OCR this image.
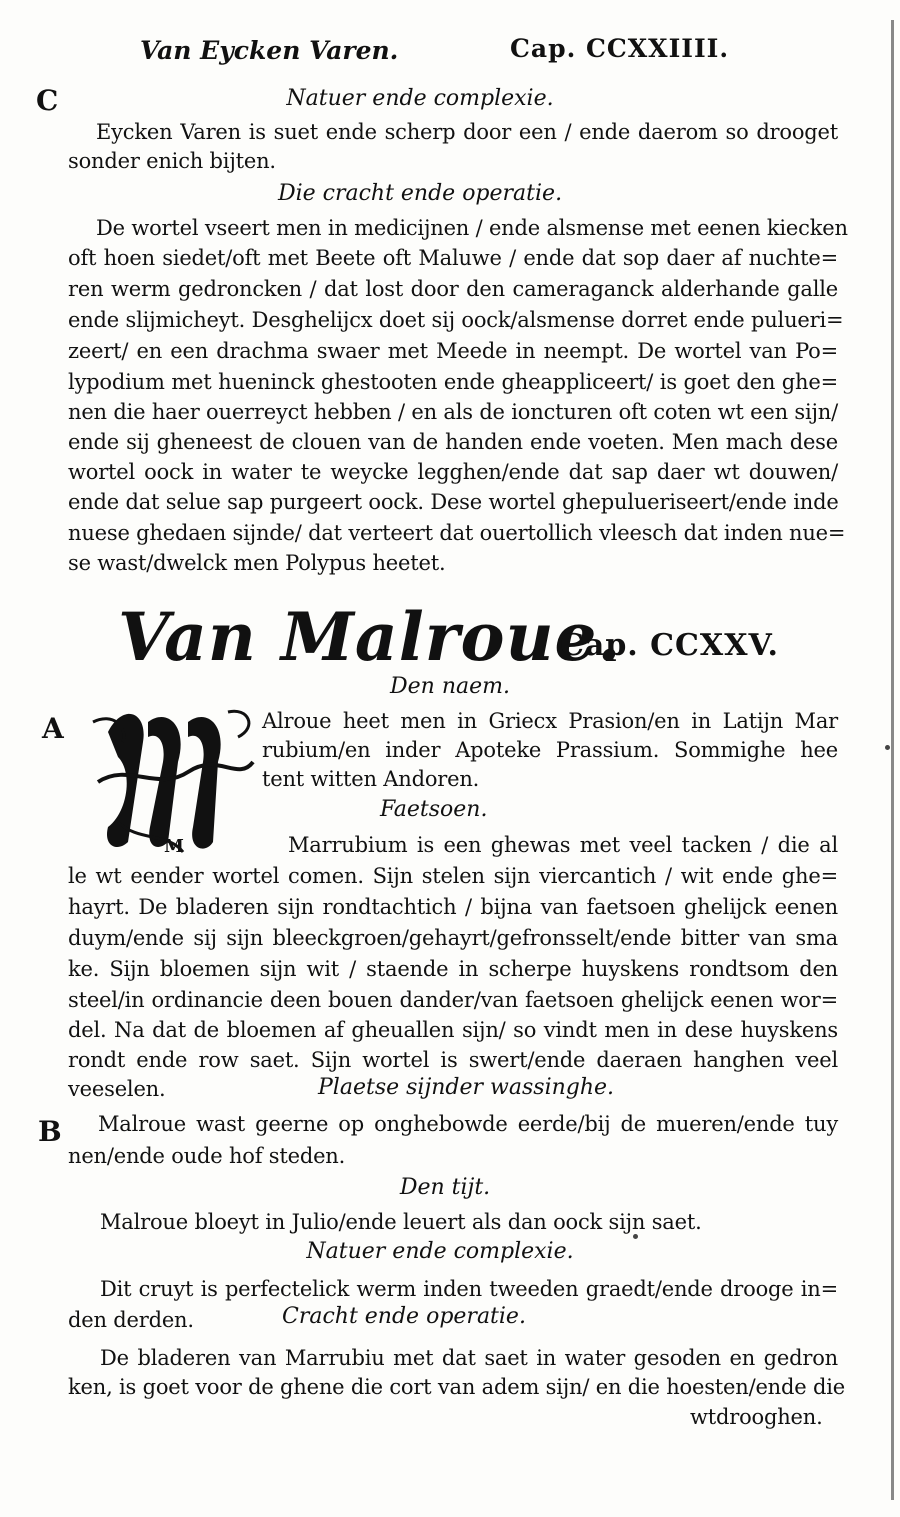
Van Eycken Varen.	Cap. CCXXIIII.
C	Natuer ende complexie.
Eycken Varen is suet ende scherp door een / ende daerom so drooget
sonder enich bijten.
Die cracht ende operatie.
De wortel vseert men in medicijnen / ende alsmense met eenen kiecken
oft hoen siedet/oft met Beete oft Maluwe / ende dat sop daer af nuchte=
ren werm gedroncken / dat lost door den cameraganck alderhande galle
ende slijmicheyt. Desghelijcx doet sij oock/alsmense dorret ende pulueri=
zeert/ en een drachma swaer met Meede in neempt. De wortel van Po=
lypodium met hueninck ghestooten ende gheappliceert/ is goet den ghe=
nen die haer ouerreyct hebben / en als de ioncturen oft coten wt een sijn/
ende sij gheneest de clouen van de handen ende voeten. Men mach dese
wortel oock in water te weycke legghen/ende dat sap daer wt douwen/
ende dat selue sap purgeert oock. Dese wortel ghepulueriseert/ende inde
nuese ghedaen sijnde/ dat verteert dat ouertollich vleesch dat inden nue=
se wast/dwelck men Polypus heetet.
Van Malroue.
Cap. CCXXV.
Den naem.
A
M
Alroue heet men in Griecx Prasion/en in Latijn Mar
rubium/en inder Apoteke Prassium. Sommighe hee
tent witten Andoren.
Faetsoen.
Marrubium is een ghewas met veel tacken / die al
le wt eender wortel comen. Sijn stelen sijn viercantich / wit ende ghe=
hayrt. De bladeren sijn rondtachtich / bijna van faetsoen ghelijck eenen
duym/ende sij sijn bleeckgroen/gehayrt/gefronsselt/ende bitter van sma
ke. Sijn bloemen sijn wit / staende in scherpe huyskens rondtsom den
steel/in ordinancie deen bouen dander/van faetsoen ghelijck eenen wor=
del. Na dat de bloemen af gheuallen sijn/ so vindt men in dese huyskens
rondt ende row saet. Sijn wortel is swert/ende daeraen hanghen veel
veeselen.	Plaetse sijnder wassinghe.
B Malroue wast geerne op onghebowde eerde/bij de mueren/ende tuy
nen/ende oude hof steden.
Den tijt.
Malroue bloeyt in Julio/ende leuert als dan oock sijn saet.
Natuer ende complexie.
Dit cruyt is perfectelick werm inden tweeden graedt/ende drooge in=
den derden.	Cracht ende operatie.
De bladeren van Marrubiu met dat saet in water gesoden en gedron
ken, is goet voor de ghene die cort van adem sijn/ en die hoesten/ende die
wtdrooghen.
